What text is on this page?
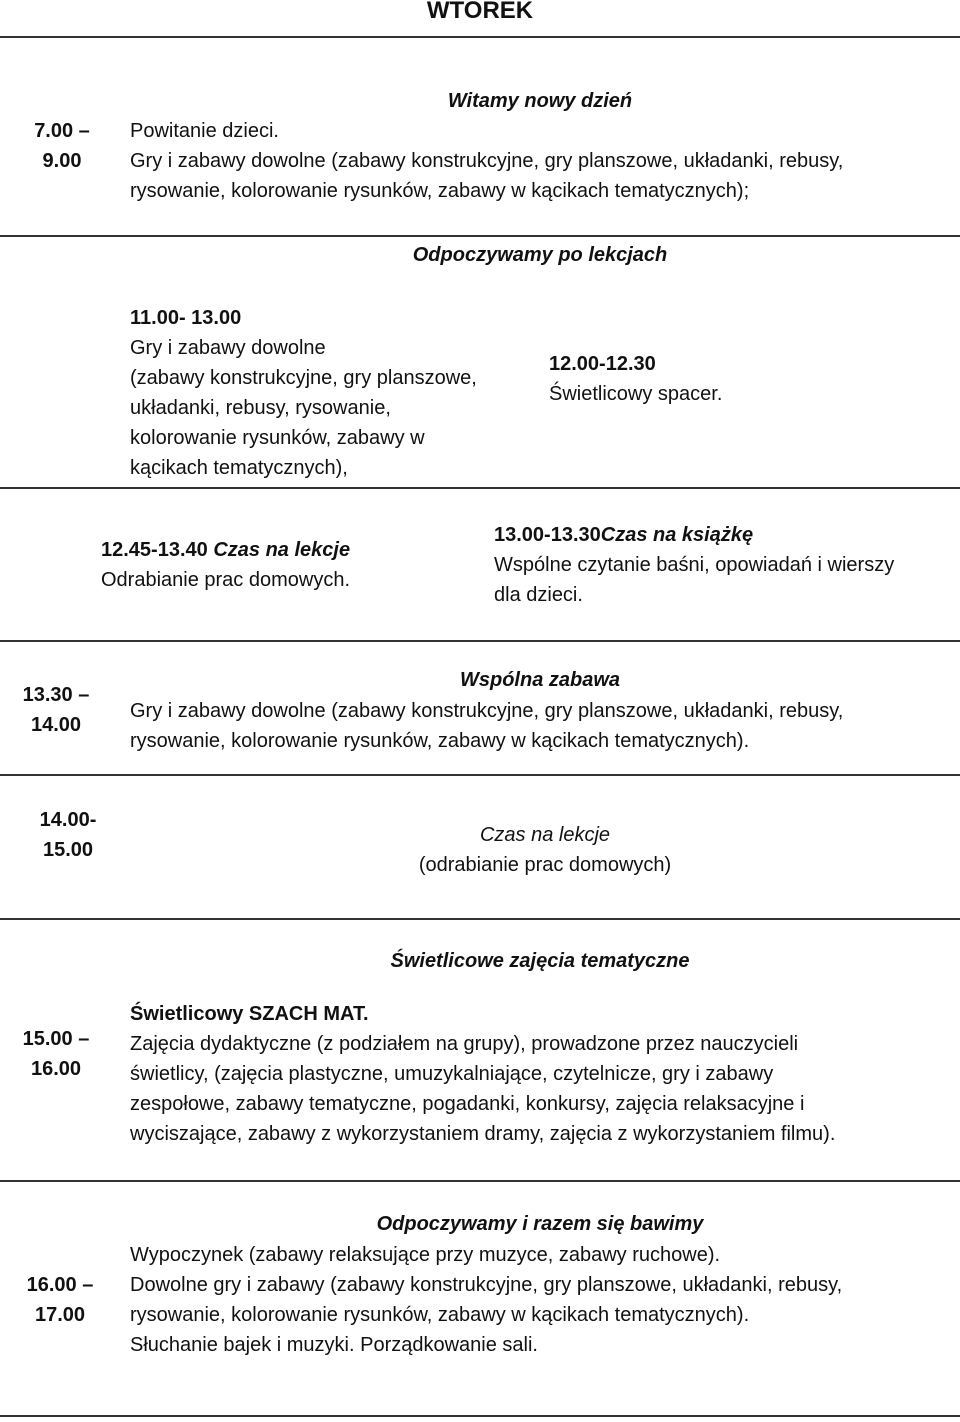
WTOREK
7.00 –
9.00
Witamy nowy dzień
Powitanie dzieci.
Gry i zabawy dowolne (zabawy konstrukcyjne, gry planszowe, układanki, rebusy,
rysowanie, kolorowanie rysunków, zabawy w kącikach tematycznych);
Odpoczywamy po lekcjach
11.00- 13.00
Gry i zabawy dowolne
(zabawy konstrukcyjne, gry planszowe,
układanki, rebusy, rysowanie,
kolorowanie rysunków, zabawy w
kącikach tematycznych),
12.00-12.30
Świetlicowy spacer.
12.45-13.40 Czas na lekcje
Odrabianie prac domowych.
13.00-13.30Czas na książkę
Wspólne czytanie baśni, opowiadań i wierszy
dla dzieci.
13.30 –
14.00
Wspólna zabawa
Gry i zabawy dowolne (zabawy konstrukcyjne, gry planszowe, układanki, rebusy,
rysowanie, kolorowanie rysunków, zabawy w kącikach tematycznych).
14.00-
15.00
Czas na lekcje
(odrabianie prac domowych)
Świetlicowe zajęcia tematyczne
15.00 –
16.00
Świetlicowy SZACH MAT.
Zajęcia dydaktyczne (z podziałem na grupy), prowadzone przez nauczycieli
świetlicy, (zajęcia plastyczne, umuzykalniające, czytelnicze, gry i zabawy
zespołowe, zabawy tematyczne, pogadanki, konkursy, zajęcia relaksacyjne i
wyciszające, zabawy z wykorzystaniem dramy, zajęcia z wykorzystaniem filmu).
Odpoczywamy i razem się bawimy
16.00 –
17.00
Wypoczynek (zabawy relaksujące przy muzyce, zabawy ruchowe).
Dowolne gry i zabawy (zabawy konstrukcyjne, gry planszowe, układanki, rebusy,
rysowanie, kolorowanie rysunków, zabawy w kącikach tematycznych).
Słuchanie bajek i muzyki. Porządkowanie sali.
